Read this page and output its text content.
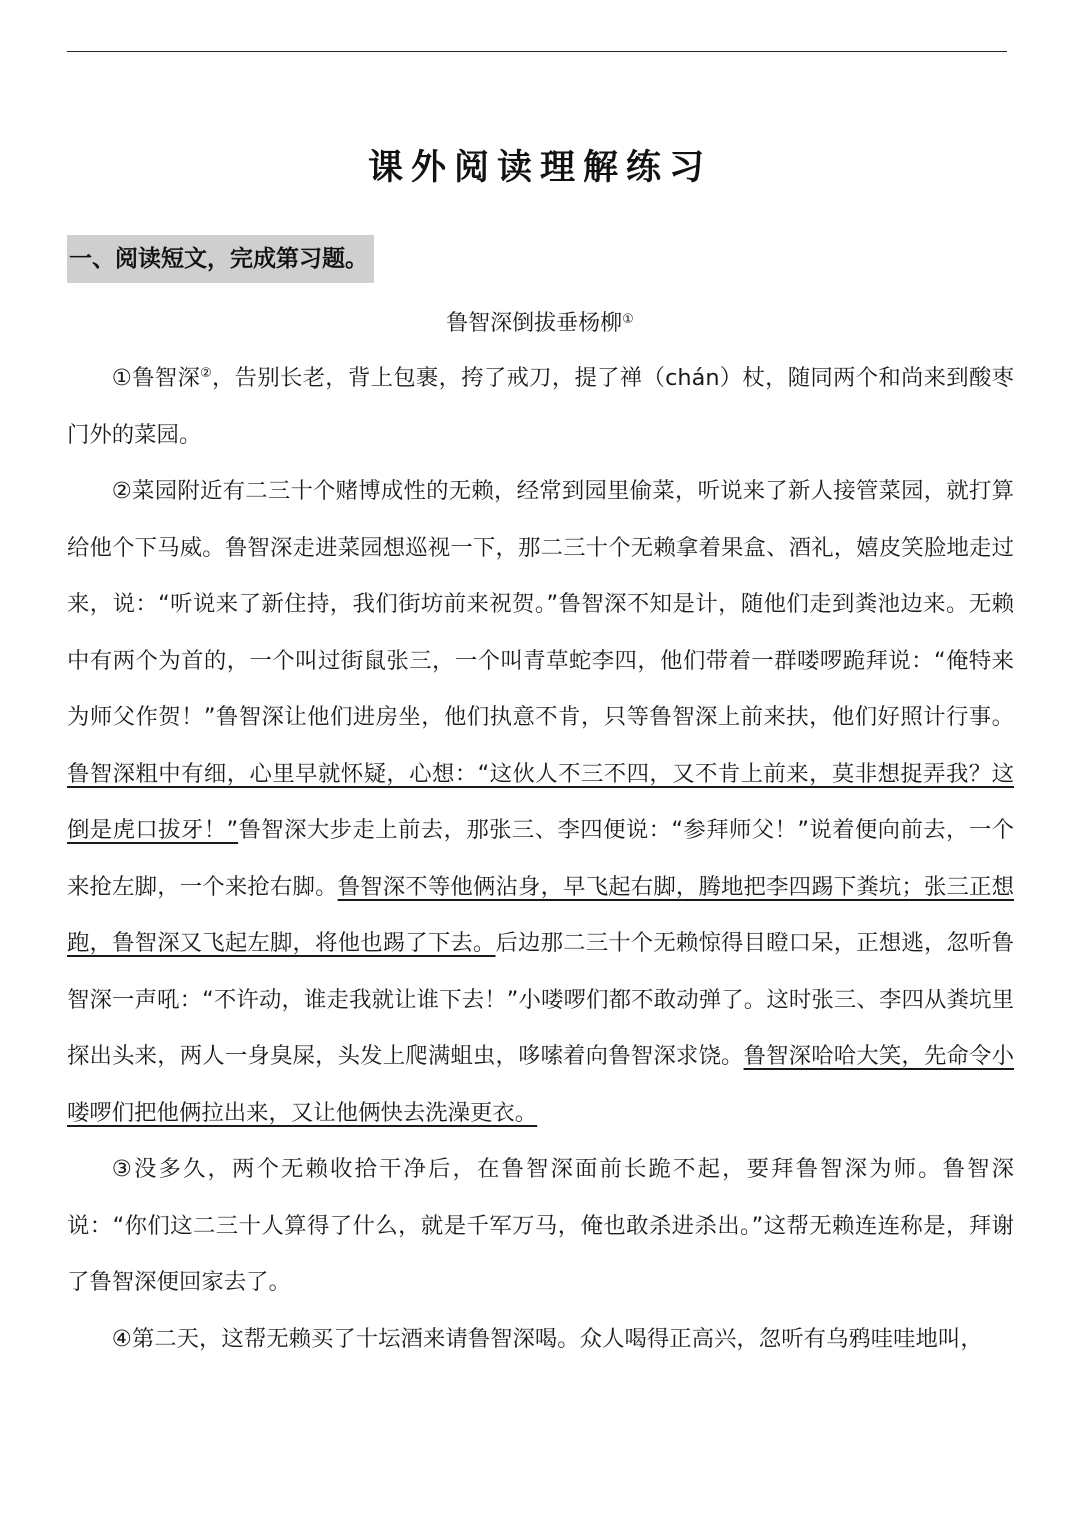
课外阅读理解练习
一、阅读短文，完成第习题。
鲁智深倒拔垂杨柳①

①鲁智深②，告别长老，背上包裹，挎了戒刀，提了禅（chán）杖，随同两个和尚来到酸枣门外的菜园。

②菜园附近有二三十个赌博成性的无赖，经常到园里偷菜，听说来了新人接管菜园，就打算给他个下马威。鲁智深走进菜园想巡视一下，那二三十个无赖拿着果盒、酒礼，嬉皮笑脸地走过来，说：“听说来了新住持，我们街坊前来祝贺。”鲁智深不知是计，随他们走到粪池边来。无赖中有两个为首的，一个叫过街鼠张三，一个叫青草蛇李四，他们带着一群喽啰跪拜说：“俺特来为师父作贺！”鲁智深让他们进房坐，他们执意不肯，只等鲁智深上前来扶，他们好照计行事。鲁智深粗中有细，心里早就怀疑，心想：“这伙人不三不四，又不肯上前来，莫非想捉弄我？这倒是虎口拔牙！”鲁智深大步走上前去，那张三、李四便说：“参拜师父！”说着便向前去，一个来抢左脚，一个来抢右脚。鲁智深不等他俩沾身，早飞起右脚，腾地把李四踢下粪坑；张三正想跑，鲁智深又飞起左脚，将他也踢了下去。后边那二三十个无赖惊得目瞪口呆，正想逃，忽听鲁智深一声吼：“不许动，谁走我就让谁下去！”小喽啰们都不敢动弹了。这时张三、李四从粪坑里探出头来，两人一身臭屎，头发上爬满蛆虫，哆嗦着向鲁智深求饶。鲁智深哈哈大笑，先命令小喽啰们把他俩拉出来，又让他俩快去洗澡更衣。

③没多久，两个无赖收拾干净后，在鲁智深面前长跪不起，要拜鲁智深为师。鲁智深说：“你们这二三十人算得了什么，就是千军万马，俺也敢杀进杀出。”这帮无赖连连称是，拜谢了鲁智深便回家去了。

④第二天，这帮无赖买了十坛酒来请鲁智深喝。众人喝得正高兴，忽听有乌鸦哇哇地叫，
